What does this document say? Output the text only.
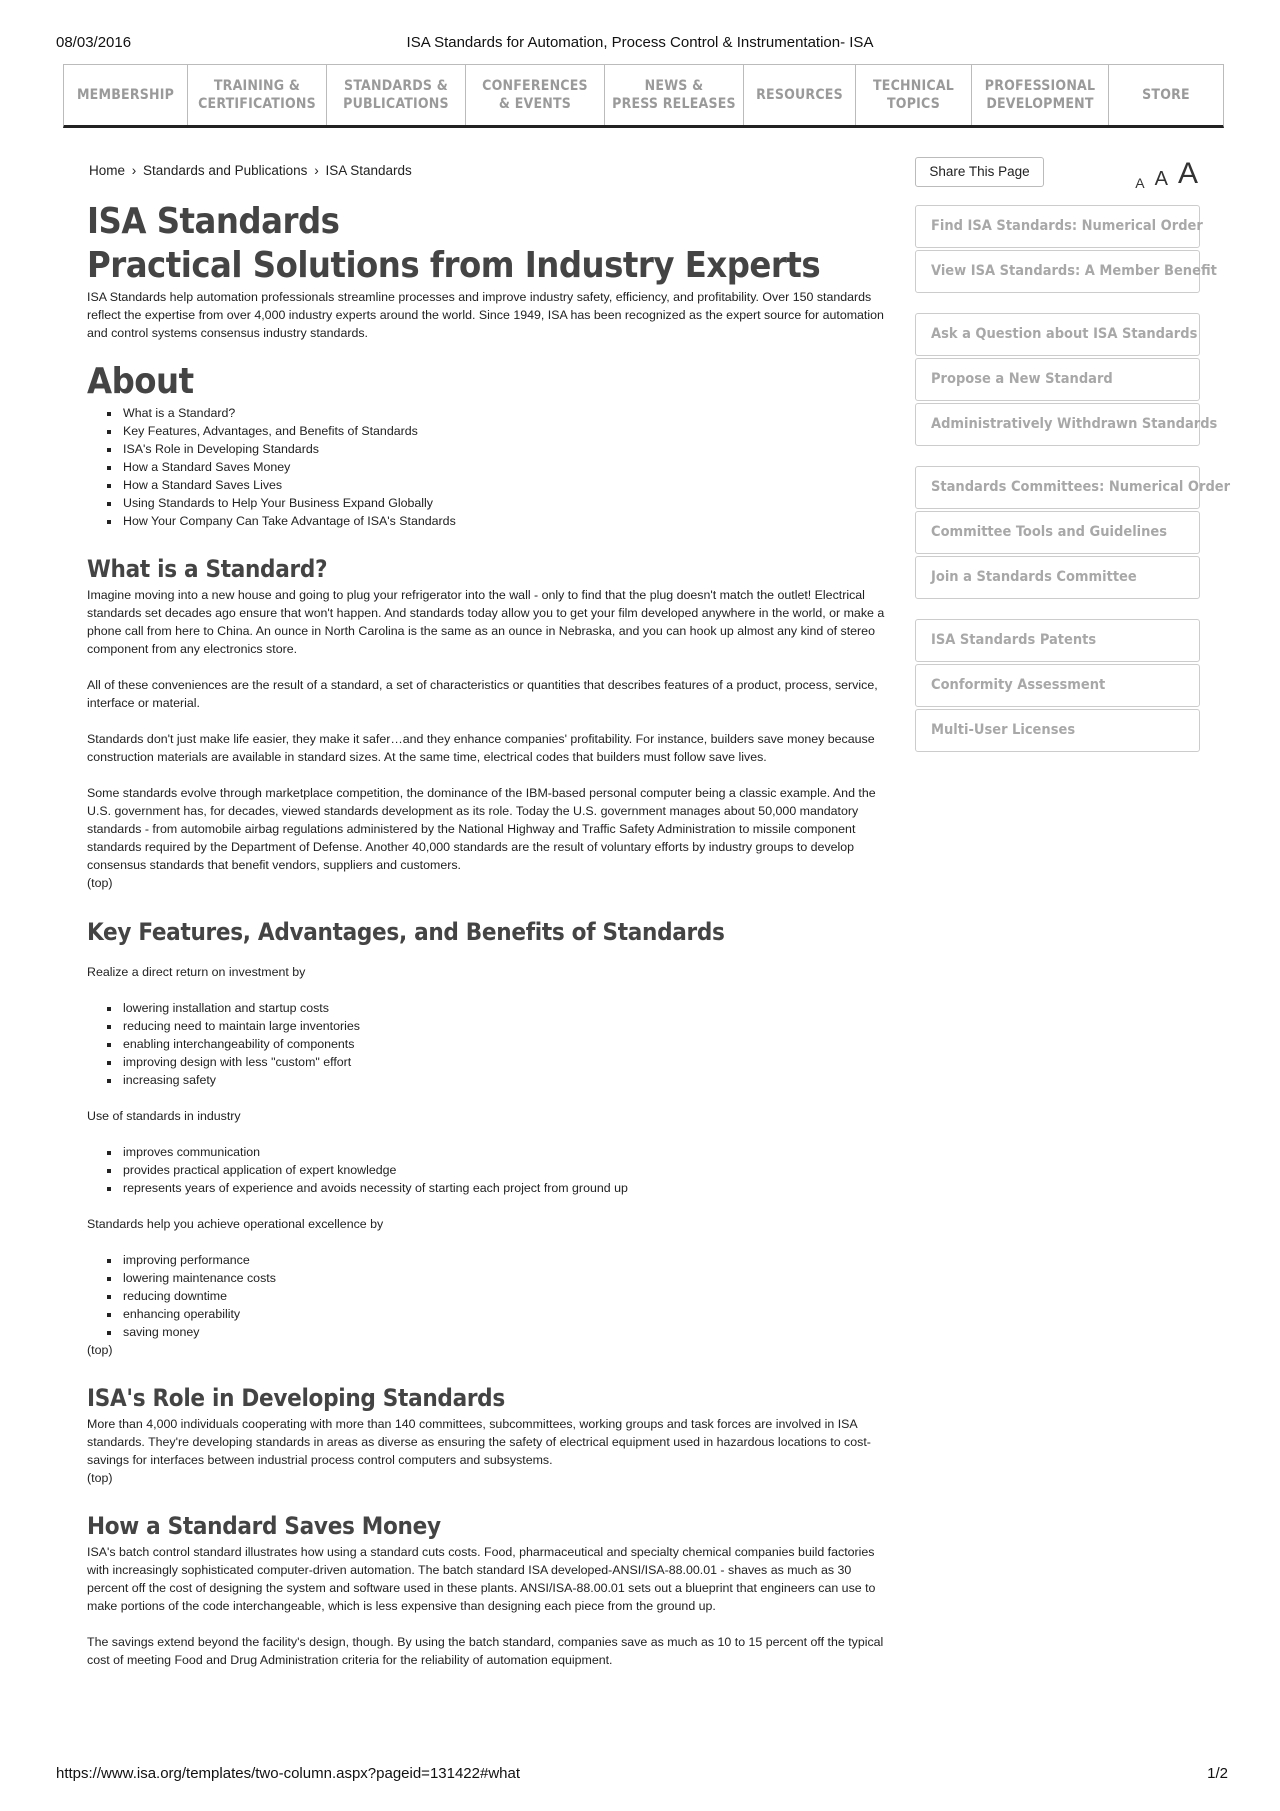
08/03/2016	ISA Standards for Automation, Process Control & Instrumentation- ISA
MEMBERSHIP
TRAINING &
CERTIFICATIONS
STANDARDS &
PUBLICATIONS
CONFERENCES
& EVENTS
NEWS &
PRESS RELEASES
RESOURCES
TECHNICAL
TOPICS
PROFESSIONAL
DEVELOPMENT
STORE
Home › Standards and Publications › ISA Standards
ISA Standards
Practical Solutions from Industry Experts

ISA Standards help automation professionals streamline processes and improve industry safety, efficiency, and profitability. Over 150 standards reflect the expertise from over 4,000 industry experts around the world. Since 1949, ISA has been recognized as the expert source for automation and control systems consensus industry standards.

About
▪ What is a Standard?
▪ Key Features, Advantages, and Benefits of Standards
▪ ISA's Role in Developing Standards
▪ How a Standard Saves Money
▪ How a Standard Saves Lives
▪ Using Standards to Help Your Business Expand Globally
▪ How Your Company Can Take Advantage of ISA's Standards
What is a Standard?

Imagine moving into a new house and going to plug your refrigerator into the wall - only to find that the plug doesn't match the outlet! Electrical standards set decades ago ensure that won't happen. And standards today allow you to get your film developed anywhere in the world, or make a phone call from here to China. An ounce in North Carolina is the same as an ounce in Nebraska, and you can hook up almost any kind of stereo component from any electronics store.

All of these conveniences are the result of a standard, a set of characteristics or quantities that describes features of a product, process, service, interface or material.

Standards don't just make life easier, they make it safer…and they enhance companies' profitability. For instance, builders save money because construction materials are available in standard sizes. At the same time, electrical codes that builders must follow save lives.

Some standards evolve through marketplace competition, the dominance of the IBM-based personal computer being a classic example. And the U.S. government has, for decades, viewed standards development as its role. Today the U.S. government manages about 50,000 mandatory standards - from automobile airbag regulations administered by the National Highway and Traffic Safety Administration to missile component standards required by the Department of Defense. Another 40,000 standards are the result of voluntary efforts by industry groups to develop consensus standards that benefit vendors, suppliers and customers.

(top)
Key Features, Advantages, and Benefits of Standards

Realize a direct return on investment by

▪ lowering installation and startup costs
▪ reducing need to maintain large inventories
▪ enabling interchangeability of components
▪ improving design with less "custom" effort
▪ increasing safety

Use of standards in industry

▪ improves communication
▪ provides practical application of expert knowledge
▪ represents years of experience and avoids necessity of starting each project from ground up

Standards help you achieve operational excellence by

▪ improving performance
▪ lowering maintenance costs
▪ reducing downtime
▪ enhancing operability
▪ saving money
(top)
ISA's Role in Developing Standards

More than 4,000 individuals cooperating with more than 140 committees, subcommittees, working groups and task forces are involved in ISA standards. They're developing standards in areas as diverse as ensuring the safety of electrical equipment used in hazardous locations to cost-savings for interfaces between industrial process control computers and subsystems.

(top)
How a Standard Saves Money

ISA's batch control standard illustrates how using a standard cuts costs. Food, pharmaceutical and specialty chemical companies build factories with increasingly sophisticated computer-driven automation. The batch standard ISA developed-ANSI/ISA-88.00.01 - shaves as much as 30 percent off the cost of designing the system and software used in these plants. ANSI/ISA-88.00.01 sets out a blueprint that engineers can use to make portions of the code interchangeable, which is less expensive than designing each piece from the ground up.

The savings extend beyond the facility's design, though. By using the batch standard, companies save as much as 10 to 15 percent off the typical cost of meeting Food and Drug Administration criteria for the reliability of automation equipment.

Share This Page
A A A
Find ISA Standards: Numerical Order
View ISA Standards: A Member Benefit
Ask a Question about ISA Standards
Propose a New Standard
Administratively Withdrawn Standards
Standards Committees: Numerical Order
Committee Tools and Guidelines
Join a Standards Committee
ISA Standards Patents
Conformity Assessment
Multi-User Licenses
https://www.isa.org/templates/two-column.aspx?pageid=131422#what	1/2
